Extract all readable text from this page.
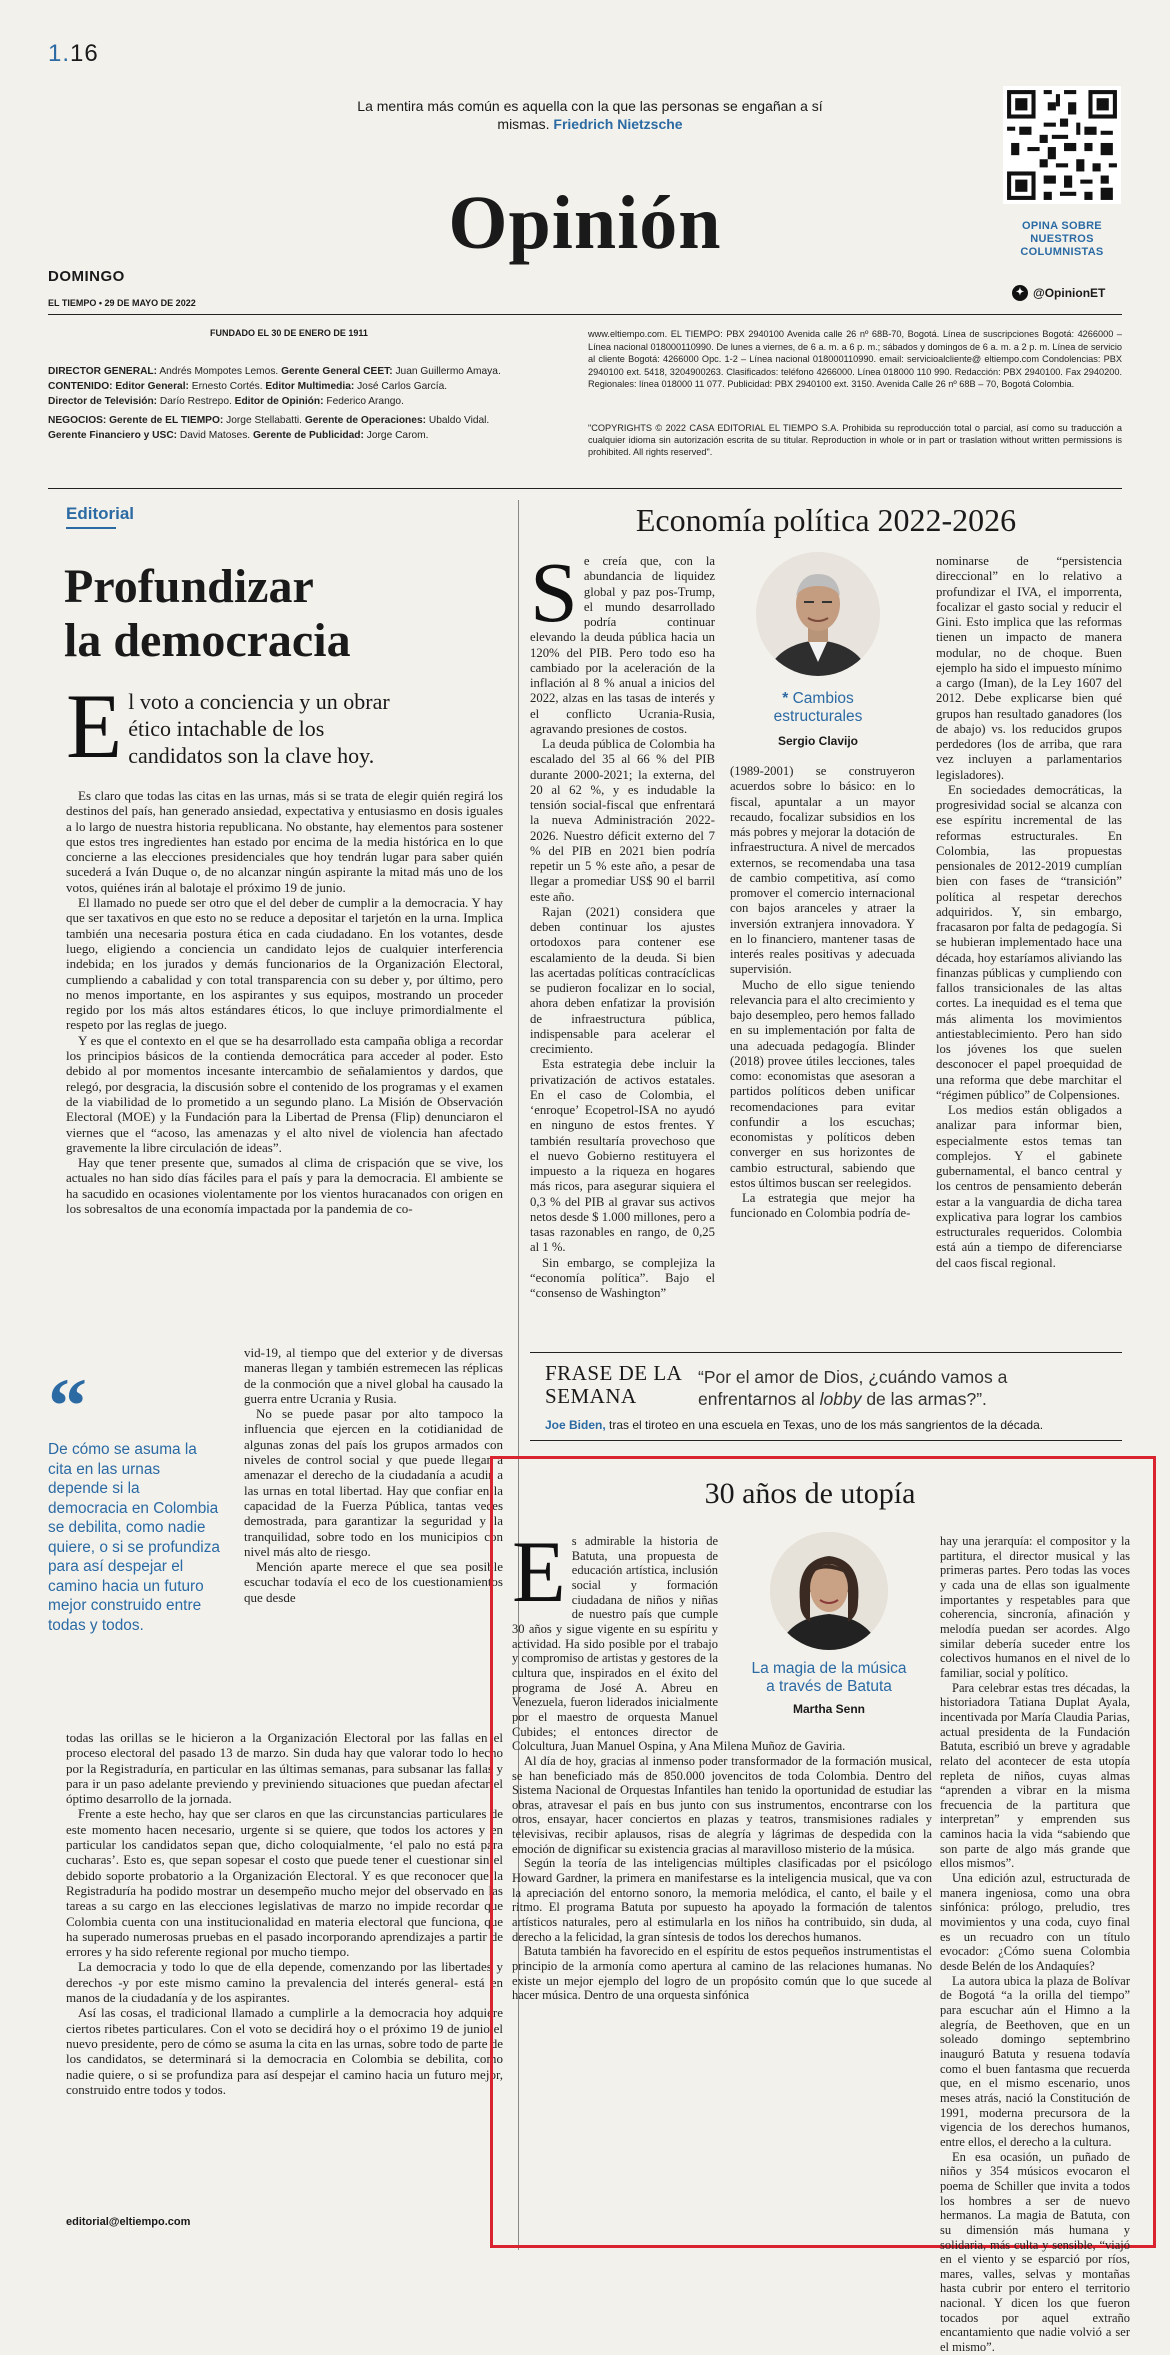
1.16
La mentira más común es aquella con la que las personas se engañan a sí mismas. Friedrich Nietzsche
OPINA SOBRE NUESTROS COLUMNISTAS
Opinión
DOMINGO
EL TIEMPO • 29 DE MAYO DE 2022
✦ @OpinionET
FUNDADO EL 30 DE ENERO DE 1911
DIRECTOR GENERAL: Andrés Mompotes Lemos. Gerente General CEET: Juan Guillermo Amaya.
CONTENIDO: Editor General: Ernesto Cortés. Editor Multimedia: José Carlos García.
Director de Televisión: Darío Restrepo. Editor de Opinión: Federico Arango.
NEGOCIOS: Gerente de EL TIEMPO: Jorge Stellabatti. Gerente de Operaciones: Ubaldo Vidal.
Gerente Financiero y USC: David Matoses. Gerente de Publicidad: Jorge Carom.
www.eltiempo.com. EL TIEMPO: PBX 2940100 Avenida calle 26 nº 68B-70, Bogotá. Línea de suscripciones Bogotá: 4266000 – Línea nacional 018000110990. De lunes a viernes, de 6 a. m. a 6 p. m.; sábados y domingos de 6 a. m. a 2 p. m. Línea de servicio al cliente Bogotá: 4266000 Opc. 1-2 – Línea nacional 018000110990. email: servicioalcliente@ eltiempo.com Condolencias: PBX 2940100 ext. 5418, 3204900263. Clasificados: teléfono 4266000. Línea 018000 110 990. Redacción: PBX 2940100. Fax 2940200. Regionales: línea 018000 11 077. Publicidad: PBX 2940100 ext. 3150. Avenida Calle 26 nº 68B – 70, Bogotá Colombia.
"COPYRIGHTS © 2022 CASA EDITORIAL EL TIEMPO S.A. Prohibida su reproducción total o parcial, así como su traducción a cualquier idioma sin autorización escrita de su titular. Reproduction in whole or in part or traslation without written permissions is prohibited. All rights reserved".
Editorial
Profundizar
la democracia
E l voto a conciencia y un obrar ético intachable de los candidatos son la clave hoy.

Es claro que todas las citas en las urnas, más si se trata de elegir quién regirá los destinos del país, han generado ansiedad, expectativa y entusiasmo en dosis iguales a lo largo de nuestra historia republicana. No obstante, hay elementos para sostener que estos tres ingredientes han estado por encima de la media histórica en lo que concierne a las elecciones presidenciales que hoy tendrán lugar para saber quién sucederá a Iván Duque o, de no alcanzar ningún aspirante la mitad más uno de los votos, quiénes irán al balotaje el próximo 19 de junio.

El llamado no puede ser otro que el del deber de cumplir a la democracia. Y hay que ser taxativos en que esto no se reduce a depositar el tarjetón en la urna. Implica también una necesaria postura ética en cada ciudadano. En los votantes, desde luego, eligiendo a conciencia un candidato lejos de cualquier interferencia indebida; en los jurados y demás funcionarios de la Organización Electoral, cumpliendo a cabalidad y con total transparencia con su deber y, por último, pero no menos importante, en los aspirantes y sus equipos, mostrando un proceder regido por los más altos estándares éticos, lo que incluye primordialmente el respeto por las reglas de juego.

Y es que el contexto en el que se ha desarrollado esta campaña obliga a recordar los principios básicos de la contienda democrática para acceder al poder. Esto debido al por momentos incesante intercambio de señalamientos y dardos, que relegó, por desgracia, la discusión sobre el contenido de los programas y el examen de la viabilidad de lo prometido a un segundo plano. La Misión de Observación Electoral (MOE) y la Fundación para la Libertad de Prensa (Flip) denunciaron el viernes que el “acoso, las amenazas y el alto nivel de violencia han afectado gravemente la libre circulación de ideas”.

Hay que tener presente que, sumados al clima de crispación que se vive, los actuales no han sido días fáciles para el país y para la democracia. El ambiente se ha sacudido en ocasiones violentamente por los vientos huracanados con origen en los sobresaltos de una economía impactada por la pandemia de co-

“
De cómo se asuma la cita en las urnas depende si la democracia en Colombia se debilita, como nadie quiere, o si se profundiza para así despejar el camino hacia un futuro mejor construido entre todas y todos.

vid-19, al tiempo que del exterior y de diversas maneras llegan y también estremecen las réplicas de la conmoción que a nivel global ha causado la guerra entre Ucrania y Rusia.

No se puede pasar por alto tampoco la influencia que ejercen en la cotidianidad de algunas zonas del país los grupos armados con niveles de control social y que puede llegar a amenazar el derecho de la ciudadanía a acudir a las urnas en total libertad. Hay que confiar en la capacidad de la Fuerza Pública, tantas veces demostrada, para garantizar la seguridad y la tranquilidad, sobre todo en los municipios con nivel más alto de riesgo.

Mención aparte merece el que sea posible escuchar todavía el eco de los cuestionamientos que desde

todas las orillas se le hicieron a la Organización Electoral por las fallas en el proceso electoral del pasado 13 de marzo. Sin duda hay que valorar todo lo hecho por la Registraduría, en particular en las últimas semanas, para subsanar las fallas y para ir un paso adelante previendo y previniendo situaciones que puedan afectar el óptimo desarrollo de la jornada.

Frente a este hecho, hay que ser claros en que las circunstancias particulares de este momento hacen necesario, urgente si se quiere, que todos los actores y en particular los candidatos sepan que, dicho coloquialmente, ‘el palo no está para cucharas’. Esto es, que sepan sopesar el costo que puede tener el cuestionar sin el debido soporte probatorio a la Organización Electoral. Y es que reconocer que la Registraduría ha podido mostrar un desempeño mucho mejor del observado en las tareas a su cargo en las elecciones legislativas de marzo no impide recordar que Colombia cuenta con una institucionalidad en materia electoral que funciona, que ha superado numerosas pruebas en el pasado incorporando aprendizajes a partir de errores y ha sido referente regional por mucho tiempo.

La democracia y todo lo que de ella depende, comenzando por las libertades y derechos -y por este mismo camino la prevalencia del interés general- está en manos de la ciudadanía y de los aspirantes.

Así las cosas, el tradicional llamado a cumplirle a la democracia hoy adquiere ciertos ribetes particulares. Con el voto se decidirá hoy o el próximo 19 de junio el nuevo presidente, pero de cómo se asuma la cita en las urnas, sobre todo de parte de los candidatos, se determinará si la democracia en Colombia se debilita, como nadie quiere, o si se profundiza para así despejar el camino hacia un futuro mejor, construido entre todos y todos.

editorial@eltiempo.com
Economía política 2022-2026
* Cambios estructurales
Sergio Clavijo

Se creía que, con la abundancia de liquidez global y paz pos-Trump, el mundo desarrollado podría continuar elevando la deuda pública hacia un 120% del PIB. Pero todo eso ha cambiado por la aceleración de la inflación al 8 % anual a inicios del 2022, alzas en las tasas de interés y el conflicto Ucrania-Rusia, agravando presiones de costos.

La deuda pública de Colombia ha escalado del 35 al 66 % del PIB durante 2000-2021; la externa, del 20 al 62 %, y es indudable la tensión social-fiscal que enfrentará la nueva Administración 2022-2026. Nuestro déficit externo del 7 % del PIB en 2021 bien podría repetir un 5 % este año, a pesar de llegar a promediar US$ 90 el barril este año.

Rajan (2021) considera que deben continuar los ajustes ortodoxos para contener ese escalamiento de la deuda. Si bien las acertadas políticas contracíclicas se pudieron focalizar en lo social, ahora deben enfatizar la provisión de infraestructura pública, indispensable para acelerar el crecimiento.

Esta estrategia debe incluir la privatización de activos estatales. En el caso de Colombia, el ‘enroque’ Ecopetrol-ISA no ayudó en ninguno de estos frentes. Y también resultaría provechoso que el nuevo Gobierno restituyera el impuesto a la riqueza en hogares más ricos, para asegurar siquiera el 0,3 % del PIB al gravar sus activos netos desde $ 1.000 millones, pero a tasas razonables en rango, de 0,25 al 1 %.

Sin embargo, se complejiza la “economía política”. Bajo el “consenso de Washington”

(1989-2001) se construyeron acuerdos sobre lo básico: en lo fiscal, apuntalar a un mayor recaudo, focalizar subsidios en los más pobres y mejorar la dotación de infraestructura. A nivel de mercados externos, se recomendaba una tasa de cambio competitiva, así como promover el comercio internacional con bajos aranceles y atraer la inversión extranjera innovadora. Y en lo financiero, mantener tasas de interés reales positivas y adecuada supervisión.

Mucho de ello sigue teniendo relevancia para el alto crecimiento y bajo desempleo, pero hemos fallado en su implementación por falta de una adecuada pedagogía. Blinder (2018) provee útiles lecciones, tales como: economistas que asesoran a partidos políticos deben unificar recomendaciones para evitar confundir a los escuchas; economistas y políticos deben converger en sus horizontes de cambio estructural, sabiendo que estos últimos buscan ser reelegidos.

La estrategia que mejor ha funcionado en Colombia podría de-

nominarse de “persistencia direccional” en lo relativo a profundizar el IVA, el imporrenta, focalizar el gasto social y reducir el Gini. Esto implica que las reformas tienen un impacto de manera modular, no de choque. Buen ejemplo ha sido el impuesto mínimo a cargo (Iman), de la Ley 1607 del 2012. Debe explicarse bien qué grupos han resultado ganadores (los de abajo) vs. los reducidos grupos perdedores (los de arriba, que rara vez incluyen a parlamentarios legisladores).

En sociedades democráticas, la progresividad social se alcanza con ese espíritu incremental de las reformas estructurales. En Colombia, las propuestas pensionales de 2012-2019 cumplían bien con fases de “transición” política al respetar derechos adquiridos. Y, sin embargo, fracasaron por falta de pedagogía. Si se hubieran implementado hace una década, hoy estaríamos aliviando las finanzas públicas y cumpliendo con fallos transicionales de las altas cortes. La inequidad es el tema que más alimenta los movimientos antiestablecimiento. Pero han sido los jóvenes los que suelen desconocer el papel proequidad de una reforma que debe marchitar el “régimen público” de Colpensiones.

Los medios están obligados a analizar para informar bien, especialmente estos temas tan complejos. Y el gabinete gubernamental, el banco central y los centros de pensamiento deberán estar a la vanguardia de dicha tarea explicativa para lograr los cambios estructurales requeridos. Colombia está aún a tiempo de diferenciarse del caos fiscal regional.

FRASE DE LA
SEMANA
“Por el amor de Dios, ¿cuándo vamos a
enfrentarnos al lobby de las armas?”.
Joe Biden, tras el tiroteo en una escuela en Texas, uno de los más sangrientos de la década.
30 años de utopía
La magia de la música
a través de Batuta
Martha Senn

Es admirable la historia de Batuta, una propuesta de educación artística, inclusión social y formación ciudadana de niños y niñas de nuestro país que cumple 30 años y sigue vigente en su espíritu y actividad. Ha sido posible por el trabajo y compromiso de artistas y gestores de la cultura que, inspirados en el éxito del programa de José A. Abreu en Venezuela, fueron liderados inicialmente por el maestro de orquesta Manuel Cubides; el entonces director de Colcultura, Juan Manuel Ospina, y Ana Milena Muñoz de Gaviria.

Al día de hoy, gracias al inmenso poder transformador de la formación musical, se han beneficiado más de 850.000 jovencitos de toda Colombia. Dentro del Sistema Nacional de Orquestas Infantiles han tenido la oportunidad de estudiar las obras, atravesar el país en bus junto con sus instrumentos, encontrarse con los otros, ensayar, hacer conciertos en plazas y teatros, transmisiones radiales y televisivas, recibir aplausos, risas de alegría y lágrimas de despedida con la emoción de dignificar su existencia gracias al maravilloso misterio de la música.

Según la teoría de las inteligencias múltiples clasificadas por el psicólogo Howard Gardner, la primera en manifestarse es la inteligencia musical, que va con la apreciación del entorno sonoro, la memoria melódica, el canto, el baile y el ritmo. El programa Batuta por supuesto ha apoyado la formación de talentos artísticos naturales, pero al estimularla en los niños ha contribuido, sin duda, al derecho a la felicidad, la gran síntesis de todos los derechos humanos.

Batuta también ha favorecido en el espíritu de estos pequeños instrumentistas el principio de la armonía como apertura al camino de las relaciones humanas. No existe un mejor ejemplo del logro de un propósito común que lo que sucede al hacer música. Dentro de una orquesta sinfónica

hay una jerarquía: el compositor y la partitura, el director musical y las primeras partes. Pero todas las voces y cada una de ellas son igualmente importantes y respetables para que coherencia, sincronía, afinación y melodía puedan ser acordes. Algo similar debería suceder entre los colectivos humanos en el nivel de lo familiar, social y político.

Para celebrar estas tres décadas, la historiadora Tatiana Duplat Ayala, incentivada por María Claudia Parias, actual presidenta de la Fundación Batuta, escribió un breve y agradable relato del acontecer de esta utopía repleta de niños, cuyas almas “aprenden a vibrar en la misma frecuencia de la partitura que interpretan” y emprenden sus caminos hacia la vida “sabiendo que son parte de algo más grande que ellos mismos”.

Una edición azul, estructurada de manera ingeniosa, como una obra sinfónica: prólogo, preludio, tres movimientos y una coda, cuyo final es un recuadro con un título evocador: ¿Cómo suena Colombia desde Belén de los Andaquíes?

La autora ubica la plaza de Bolívar de Bogotá “a la orilla del tiempo” para escuchar aún el Himno a la alegría, de Beethoven, que en un soleado domingo septembrino inauguró Batuta y resuena todavía como el buen fantasma que recuerda que, en el mismo escenario, unos meses atrás, nació la Constitución de 1991, moderna precursora de la vigencia de los derechos humanos, entre ellos, el derecho a la cultura.

En esa ocasión, un puñado de niños y 354 músicos evocaron el poema de Schiller que invita a todos los hombres a ser de nuevo hermanos. La magia de Batuta, con su dimensión más humana y solidaria, más culta y sensible, “viajó en el viento y se esparció por ríos, mares, valles, selvas y montañas hasta cubrir por entero el territorio nacional. Y dicen los que fueron tocados por aquel extraño encantamiento que nadie volvió a ser el mismo”.
